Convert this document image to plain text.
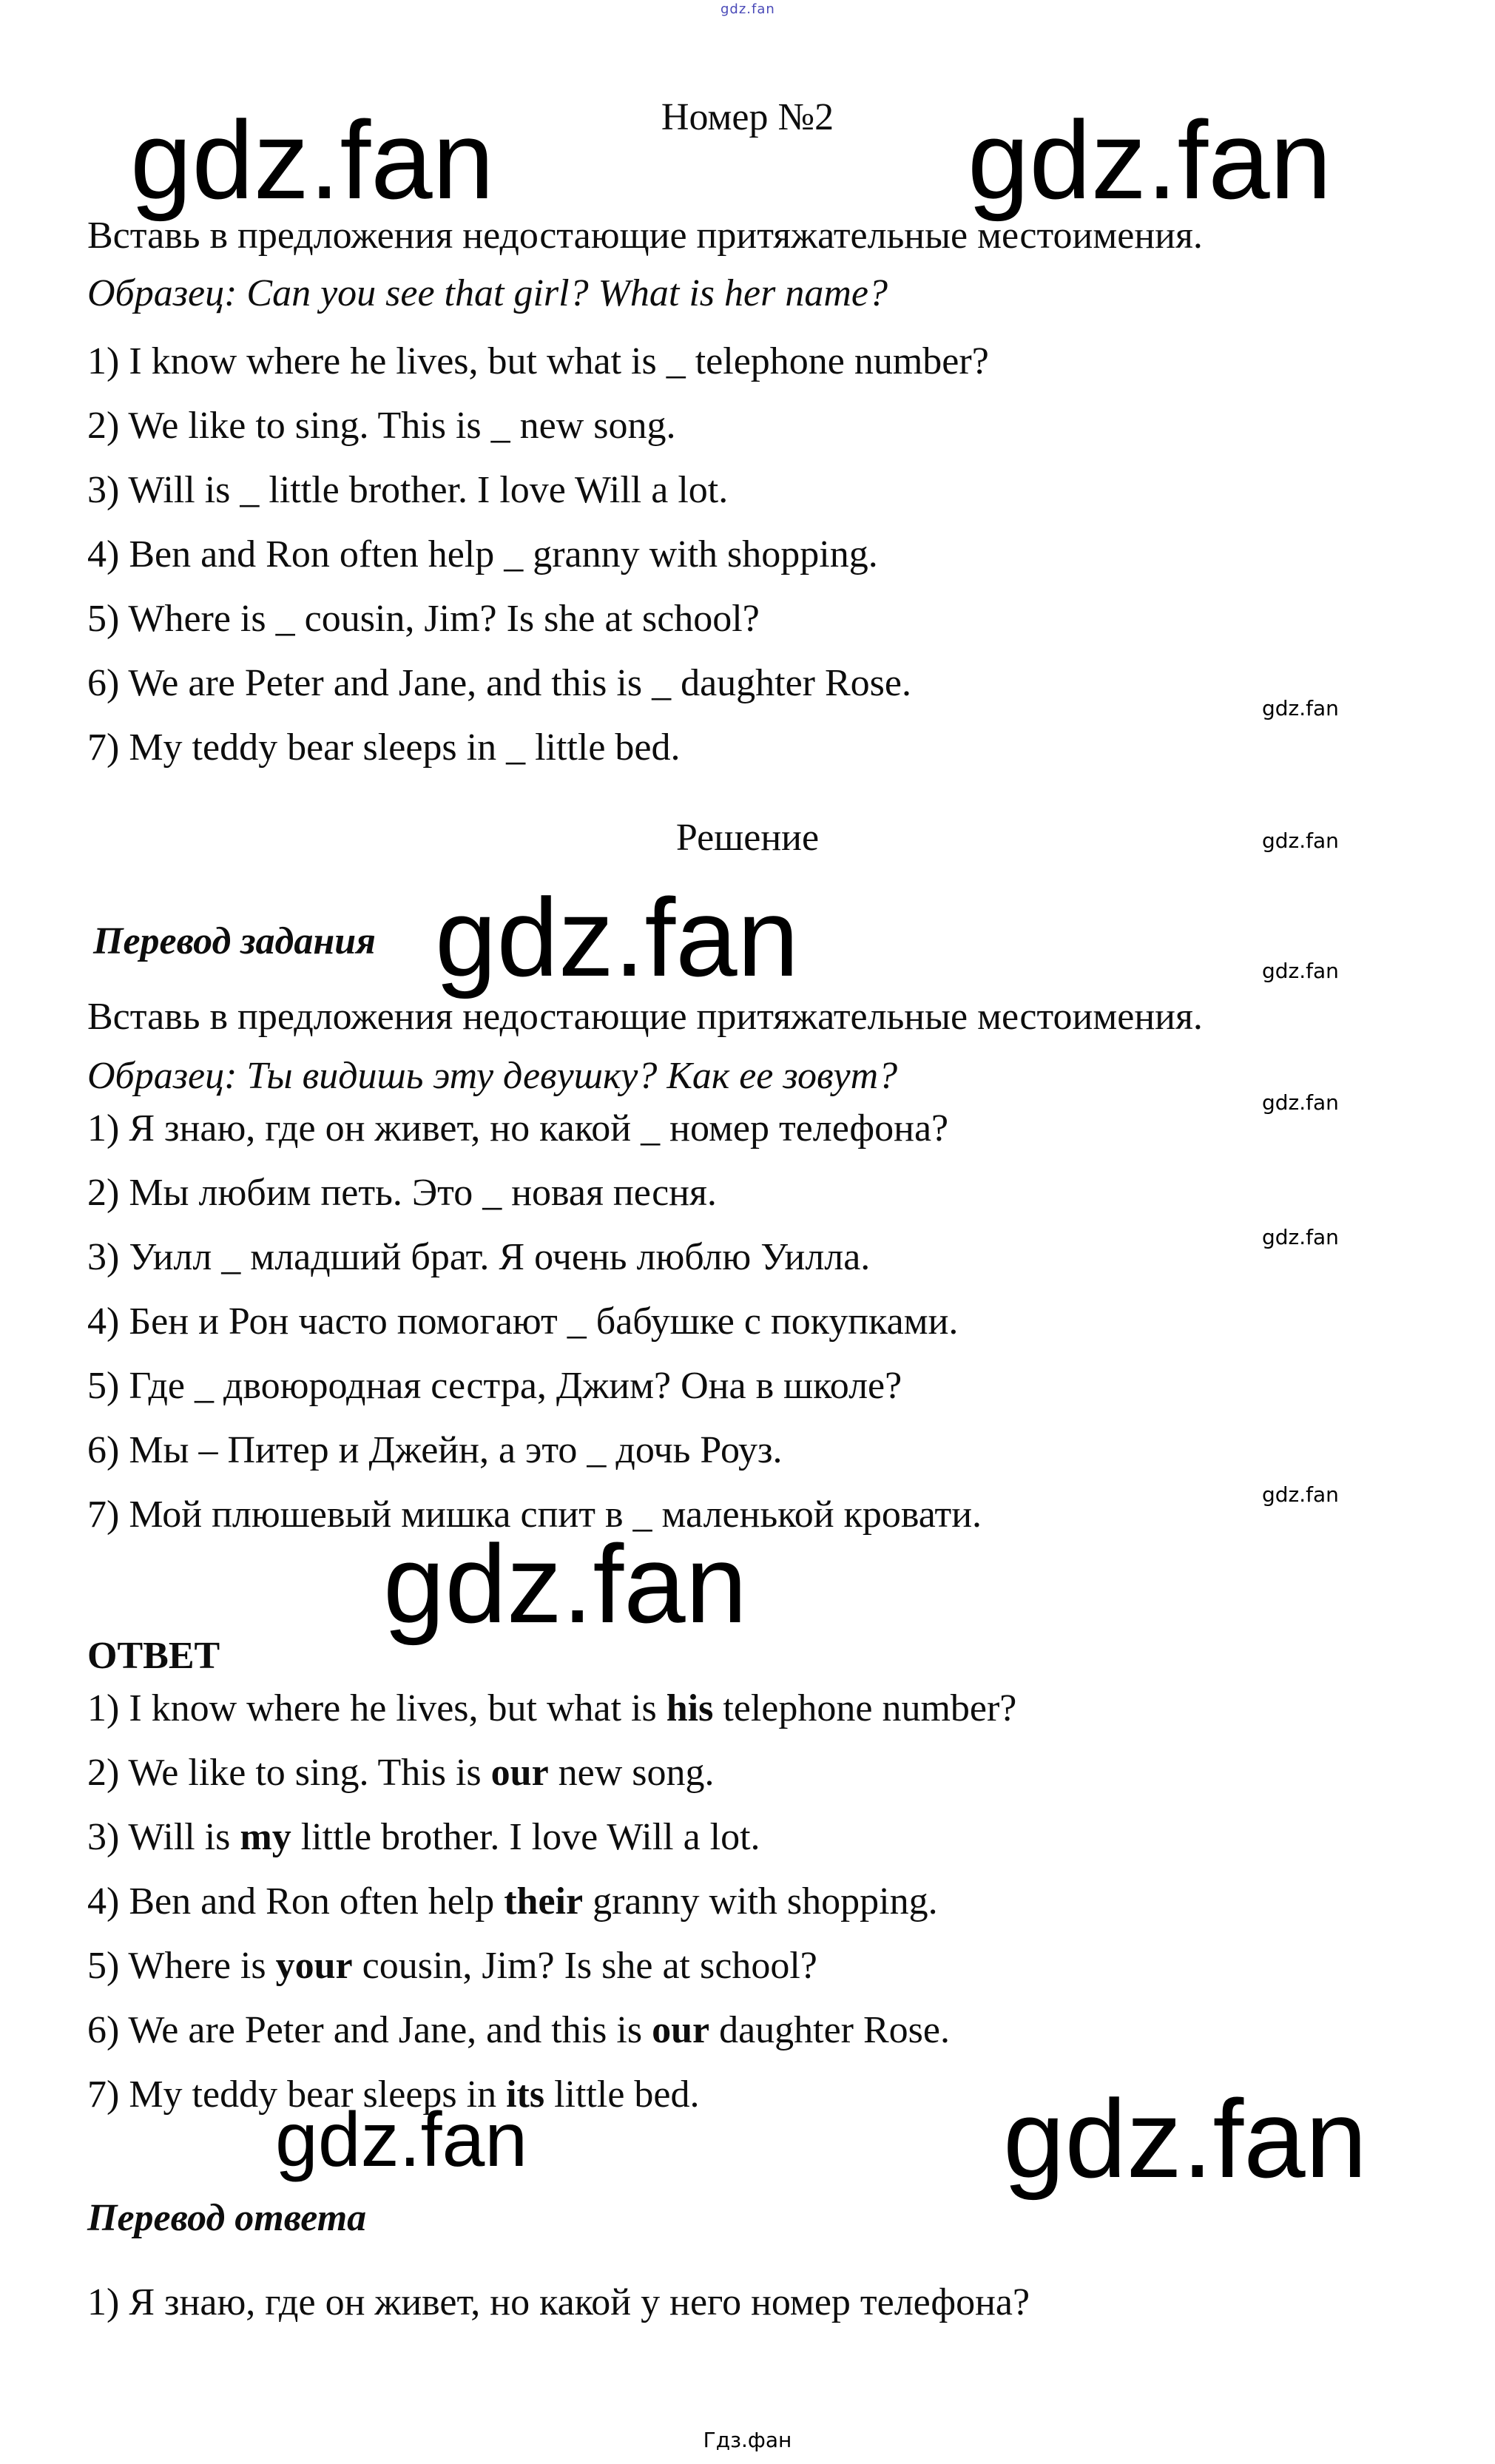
gdz.fan
Номер №2
gdz.fan	gdz.fan
Вставь в предложения недостающие притяжательные местоимения.
Образец: Can you see that girl? What is her name?
1) I know where he lives, but what is _ telephone number?
2) We like to sing. This is _ new song.
3) Will is _ little brother. I love Will a lot.
4) Ben and Ron often help _ granny with shopping.
5) Where is _ cousin, Jim? Is she at school?
6) We are Peter and Jane, and this is _ daughter Rose.
7) My teddy bear sleeps in _ little bed.
gdz.fan
gdz.fan
gdz.fan
gdz.fan
gdz.fan
gdz.fan
Решение
Перевод задания gdz.fan
Вставь в предложения недостающие притяжательные местоимения.
Образец: Ты видишь эту девушку? Как ее зовут?
1) Я знаю, где он живет, но какой _ номер телефона?
2) Мы любим петь. Это _ новая песня.
3) Уилл _ младший брат. Я очень люблю Уилла.
4) Бен и Рон часто помогают _ бабушке с покупками.
5) Где _ двоюродная сестра, Джим? Она в школе?
6) Мы – Питер и Джейн, а это _ дочь Роуз.
7) Мой плюшевый мишка спит в _ маленькой кровати.
gdz.fan
ОТВЕТ
1) I know where he lives, but what is his telephone number?
2) We like to sing. This is our new song.
3) Will is my little brother. I love Will a lot.
4) Ben and Ron often help their granny with shopping.
5) Where is your cousin, Jim? Is she at school?
6) We are Peter and Jane, and this is our daughter Rose.
7) My teddy bear sleeps in its little bed.
gdz.fan	gdz.fan
Перевод ответа
1) Я знаю, где он живет, но какой у него номер телефона?
Гдз.фан
